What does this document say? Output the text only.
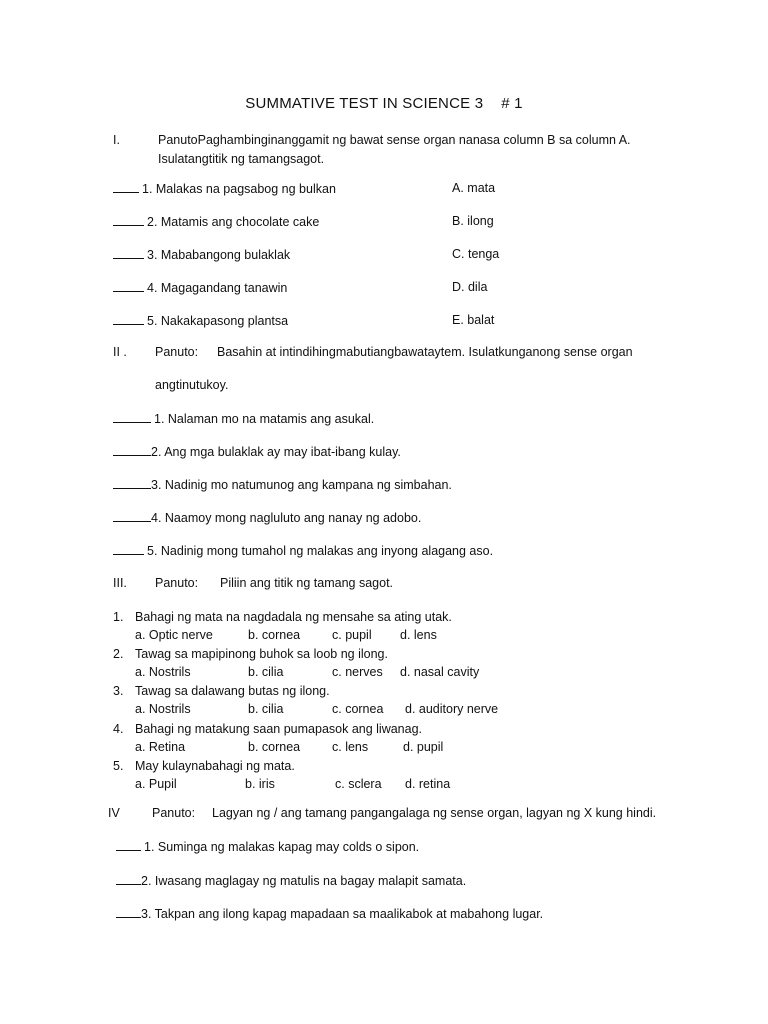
SUMMATIVE TEST IN SCIENCE 3 # 1
I.	PanutoPaghambinginanggamit ng bawat sense organ nanasa column B sa column A.
Isulatangtitik ng tamangsagot.
1. Malakas na pagsabog ng bulkan	A. mata
2. Matamis ang chocolate cake	B. ilong
3. Mababangong bulaklak	C. tenga
4. Magagandang tanawin	D. dila
5. Nakakapasong plantsa	E. balat
II . Panuto: Basahin at intindihingmabutiangbawataytem. Isulatkunganong sense organ
angtinutukoy.
1. Nalaman mo na matamis ang asukal.
2. Ang mga bulaklak ay may ibat-ibang kulay.
3. Nadinig mo natumunog ang kampana ng simbahan.
4. Naamoy mong nagluluto ang nanay ng adobo.
5. Nadinig mong tumahol ng malakas ang inyong alagang aso.
III. Panuto: Piliin ang titik ng tamang sagot.
1. Bahagi ng mata na nagdadala ng mensahe sa ating utak.
a. Optic nerve	b. cornea	c. pupil d. lens
2. Tawag sa mapipinong buhok sa loob ng ilong.
a. Nostrils	b. cilia	c. nerves d. nasal cavity
3. Tawag sa dalawang butas ng ilong.
a. Nostrils	b. cilia	c. cornea d. auditory nerve
4. Bahagi ng matakung saan pumapasok ang liwanag.
a. Retina	b. cornea	c. lens	d. pupil
5. May kulaynabahagi ng mata.
a. Pupil	b. iris	c. sclera d. retina
IV	Panuto: Lagyan ng / ang tamang pangangalaga ng sense organ, lagyan ng X kung hindi.
1. Suminga ng malakas kapag may colds o sipon.
2. Iwasang maglagay ng matulis na bagay malapit samata.
3. Takpan ang ilong kapag mapadaan sa maalikabok at mabahong lugar.
